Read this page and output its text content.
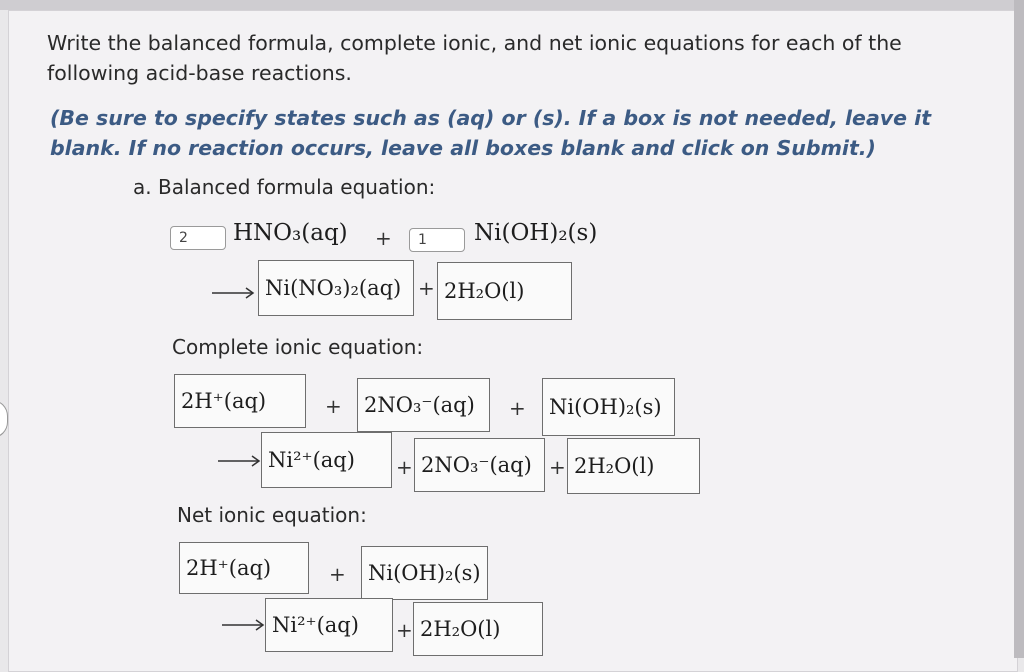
Write the balanced formula, complete ionic, and net ionic equations for each of the following acid-base reactions.
(Be sure to specify states such as (aq) or (s). If a box is not needed, leave it blank. If no reaction occurs, leave all boxes blank and click on Submit.)
a. Balanced formula equation:
2	HNO₃(aq) +	1	Ni(OH)₂(s)
→ Ni(NO₃)₂(aq) + 2H₂O(l)
Complete ionic equation:
2H⁺(aq)	+	2NO₃⁻(aq)	+	Ni(OH)₂(s)
→ Ni²⁺(aq)	+ 2NO₃⁻(aq) + 2H₂O(l)
Net ionic equation:
2H⁺(aq)	+	Ni(OH)₂(s)
→ Ni²⁺(aq)	+ 2H₂O(l)
